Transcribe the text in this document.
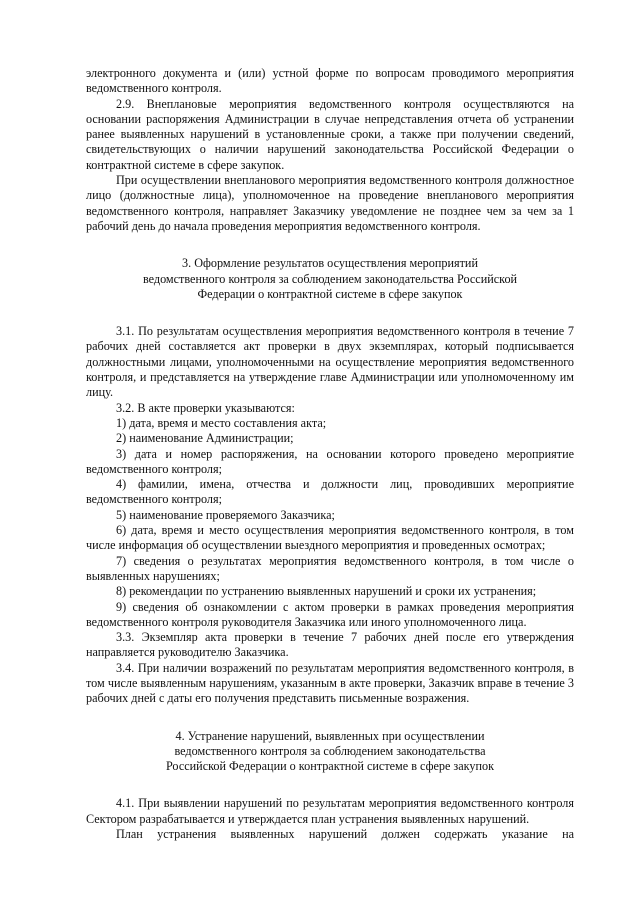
электронного документа и (или) устной форме по вопросам проводимого мероприятия ведомственного контроля.

2.9. Внеплановые мероприятия ведомственного контроля осуществляются на основании распоряжения Администрации в случае непредставления отчета об устранении ранее выявленных нарушений в установленные сроки, а также при получении сведений, свидетельствующих о наличии нарушений законодательства Российской Федерации о контрактной системе в сфере закупок.

При осуществлении внепланового мероприятия ведомственного контроля должностное лицо (должностные лица), уполномоченное на проведение внепланового мероприятия ведомственного контроля, направляет Заказчику уведомление не позднее чем за чем за 1 рабочий день до начала проведения мероприятия ведомственного контроля.

3. Оформление результатов осуществления мероприятий
ведомственного контроля за соблюдением законодательства Российской
Федерации о контрактной системе в сфере закупок

3.1. По результатам осуществления мероприятия ведомственного контроля в течение 7 рабочих дней составляется акт проверки в двух экземплярах, который подписывается должностными лицами, уполномоченными на осуществление мероприятия ведомственного контроля, и представляется на утверждение главе Администрации или уполномоченному им лицу.

3.2. В акте проверки указываются:

1) дата, время и место составления акта;

2) наименование Администрации;

3) дата и номер распоряжения, на основании которого проведено мероприятие ведомственного контроля;

4) фамилии, имена, отчества и должности лиц, проводивших мероприятие ведомственного контроля;

5) наименование проверяемого Заказчика;

6) дата, время и место осуществления мероприятия ведомственного контроля, в том числе информация об осуществлении выездного мероприятия и проведенных осмотрах;

7) сведения о результатах мероприятия ведомственного контроля, в том числе о выявленных нарушениях;

8) рекомендации по устранению выявленных нарушений и сроки их устранения;

9) сведения об ознакомлении с актом проверки в рамках проведения мероприятия ведомственного контроля руководителя Заказчика или иного уполномоченного лица.

3.3. Экземпляр акта проверки в течение 7 рабочих дней после его утверждения направляется руководителю Заказчика.

3.4. При наличии возражений по результатам мероприятия ведомственного контроля, в том числе выявленным нарушениям, указанным в акте проверки, Заказчик вправе в течение 3 рабочих дней с даты его получения представить письменные возражения.

4. Устранение нарушений, выявленных при осуществлении
ведомственного контроля за соблюдением законодательства
Российской Федерации о контрактной системе в сфере закупок

4.1. При выявлении нарушений по результатам мероприятия ведомственного контроля Сектором разрабатывается и утверждается план устранения выявленных нарушений.

План устранения выявленных нарушений должен содержать указание на
